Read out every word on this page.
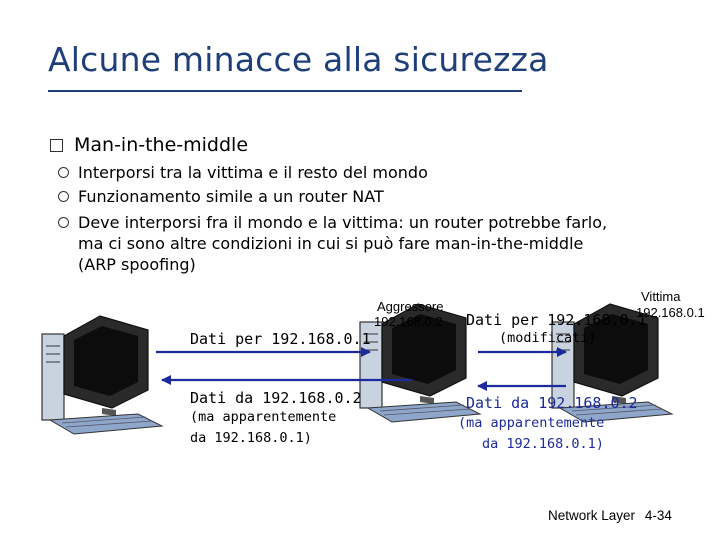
Alcune minacce alla sicurezza
Man-in-the-middle
Interporsi tra la vittima e il resto del mondo
Funzionamento simile a un router NAT
Deve interporsi fra il mondo e la vittima: un router potrebbe farlo, ma ci sono altre condizioni in cui si può fare man-in-the-middle (ARP spoofing)
Aggressore
192.168.0.2
Vittima
192.168.0.1
Dati per 192.168.0.1
Dati da 192.168.0.2
(ma apparentemente
da 192.168.0.1)
Dati per 192.168.0.1
(modificati)
Dati da 192.168.0.2
(ma apparentemente
da 192.168.0.1)
Network Layer 4-34
